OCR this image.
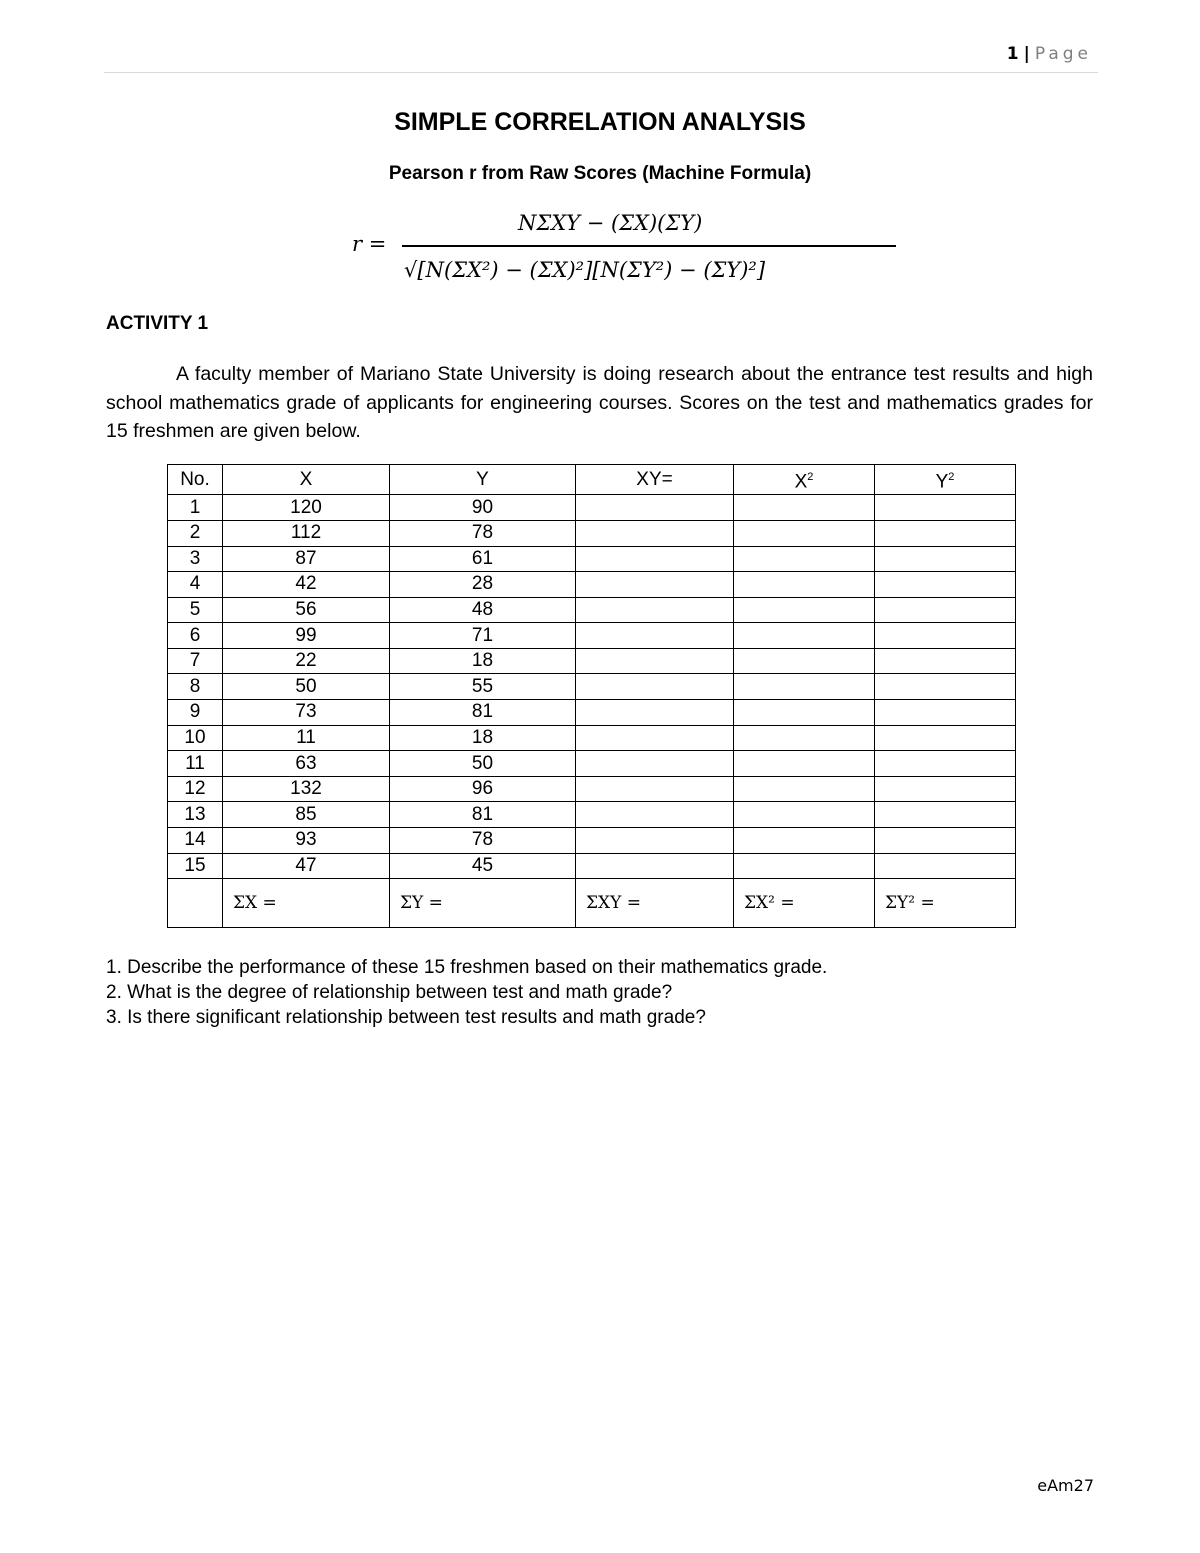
1 | Page
SIMPLE CORRELATION ANALYSIS
Pearson r from Raw Scores (Machine Formula)
r =
NΣXY − (ΣX)(ΣY)
√[N(ΣX²) − (ΣX)²][N(ΣY²) − (ΣY)²]
ACTIVITY 1

A faculty member of Mariano State University is doing research about the entrance test results and high school mathematics grade of applicants for engineering courses. Scores on the test and mathematics grades for 15 freshmen are given below.

No.	X	Y	XY=	$X^2$	$Y^2$
1	120	90			
2	112	78			
3	87	61			
4	42	28			
5	56	48			
6	99	71			
7	22	18			
8	50	55			
9	73	81			
10	11	18			
11	63	50			
12	132	96			
13	85	81			
14	93	78			
15	47	45			
	ΣX =	ΣY =	ΣXY =	ΣX² =	ΣY² =
1. Describe the performance of these 15 freshmen based on their mathematics grade.
2. What is the degree of relationship between test and math grade?
3. Is there significant relationship between test results and math grade?
eAm27
